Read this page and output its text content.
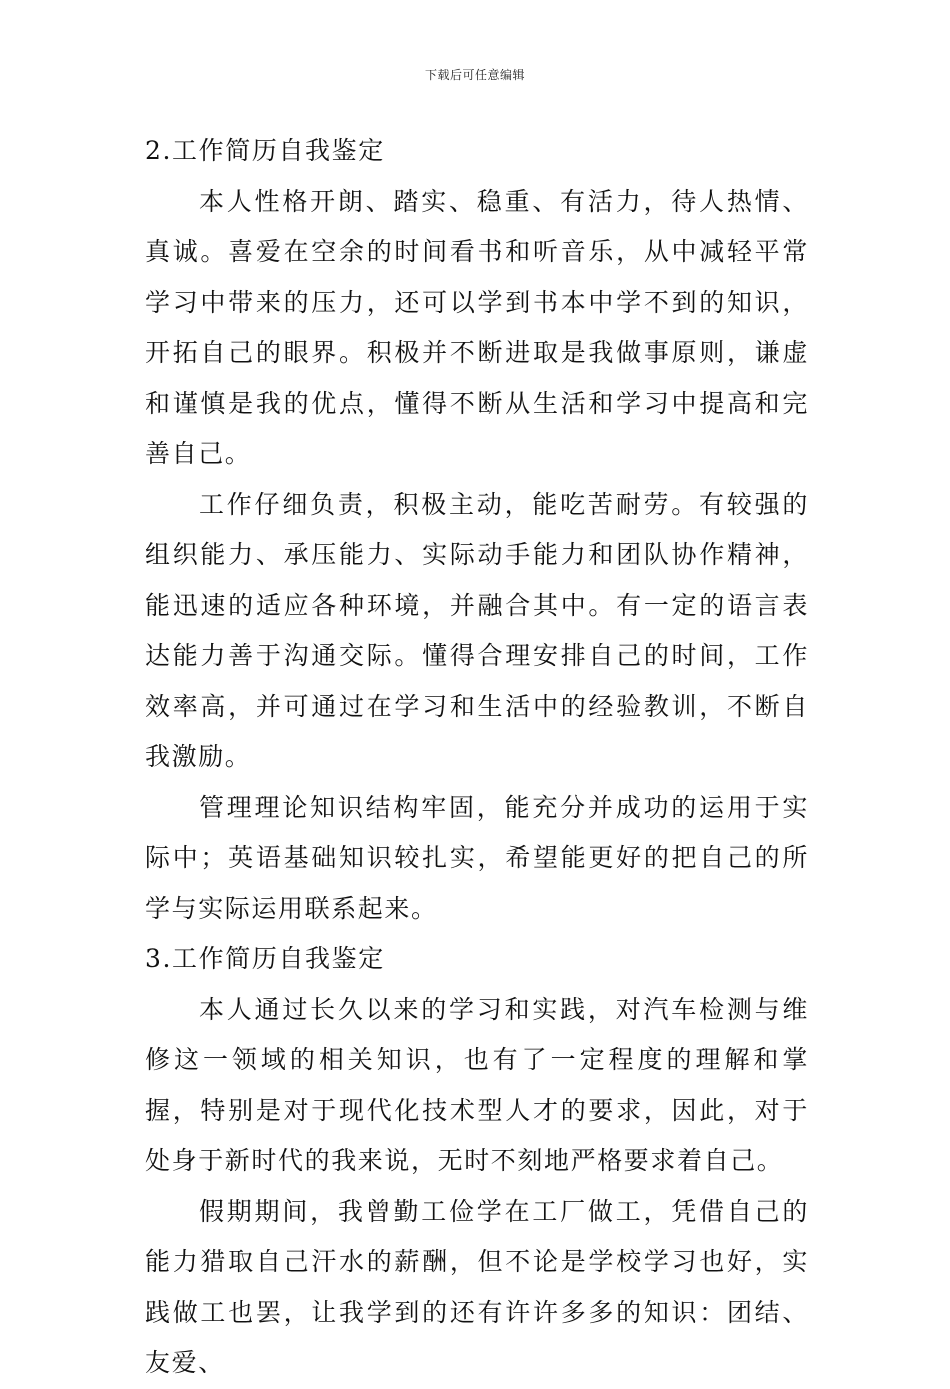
下载后可任意编辑

2.工作简历自我鉴定

本人性格开朗、踏实、稳重、有活力，待人热情、真诚。喜爱在空余的时间看书和听音乐，从中减轻平常学习中带来的压力，还可以学到书本中学不到的知识，开拓自己的眼界。积极并不断进取是我做事原则，谦虚和谨慎是我的优点，懂得不断从生活和学习中提高和完善自己。

工作仔细负责，积极主动，能吃苦耐劳。有较强的组织能力、承压能力、实际动手能力和团队协作精神，能迅速的适应各种环境，并融合其中。有一定的语言表达能力善于沟通交际。懂得合理安排自己的时间，工作效率高，并可通过在学习和生活中的经验教训，不断自我激励。

管理理论知识结构牢固，能充分并成功的运用于实际中；英语基础知识较扎实，希望能更好的把自己的所学与实际运用联系起来。

3.工作简历自我鉴定

本人通过长久以来的学习和实践，对汽车检测与维修这一领域的相关知识，也有了一定程度的理解和掌握，特别是对于现代化技术型人才的要求，因此，对于处身于新时代的我来说，无时不刻地严格要求着自己。

假期期间，我曾勤工俭学在工厂做工，凭借自己的能力猎取自己汗水的薪酬，但不论是学校学习也好，实践做工也罢，让我学到的还有许许多多的知识：团结、友爱、
